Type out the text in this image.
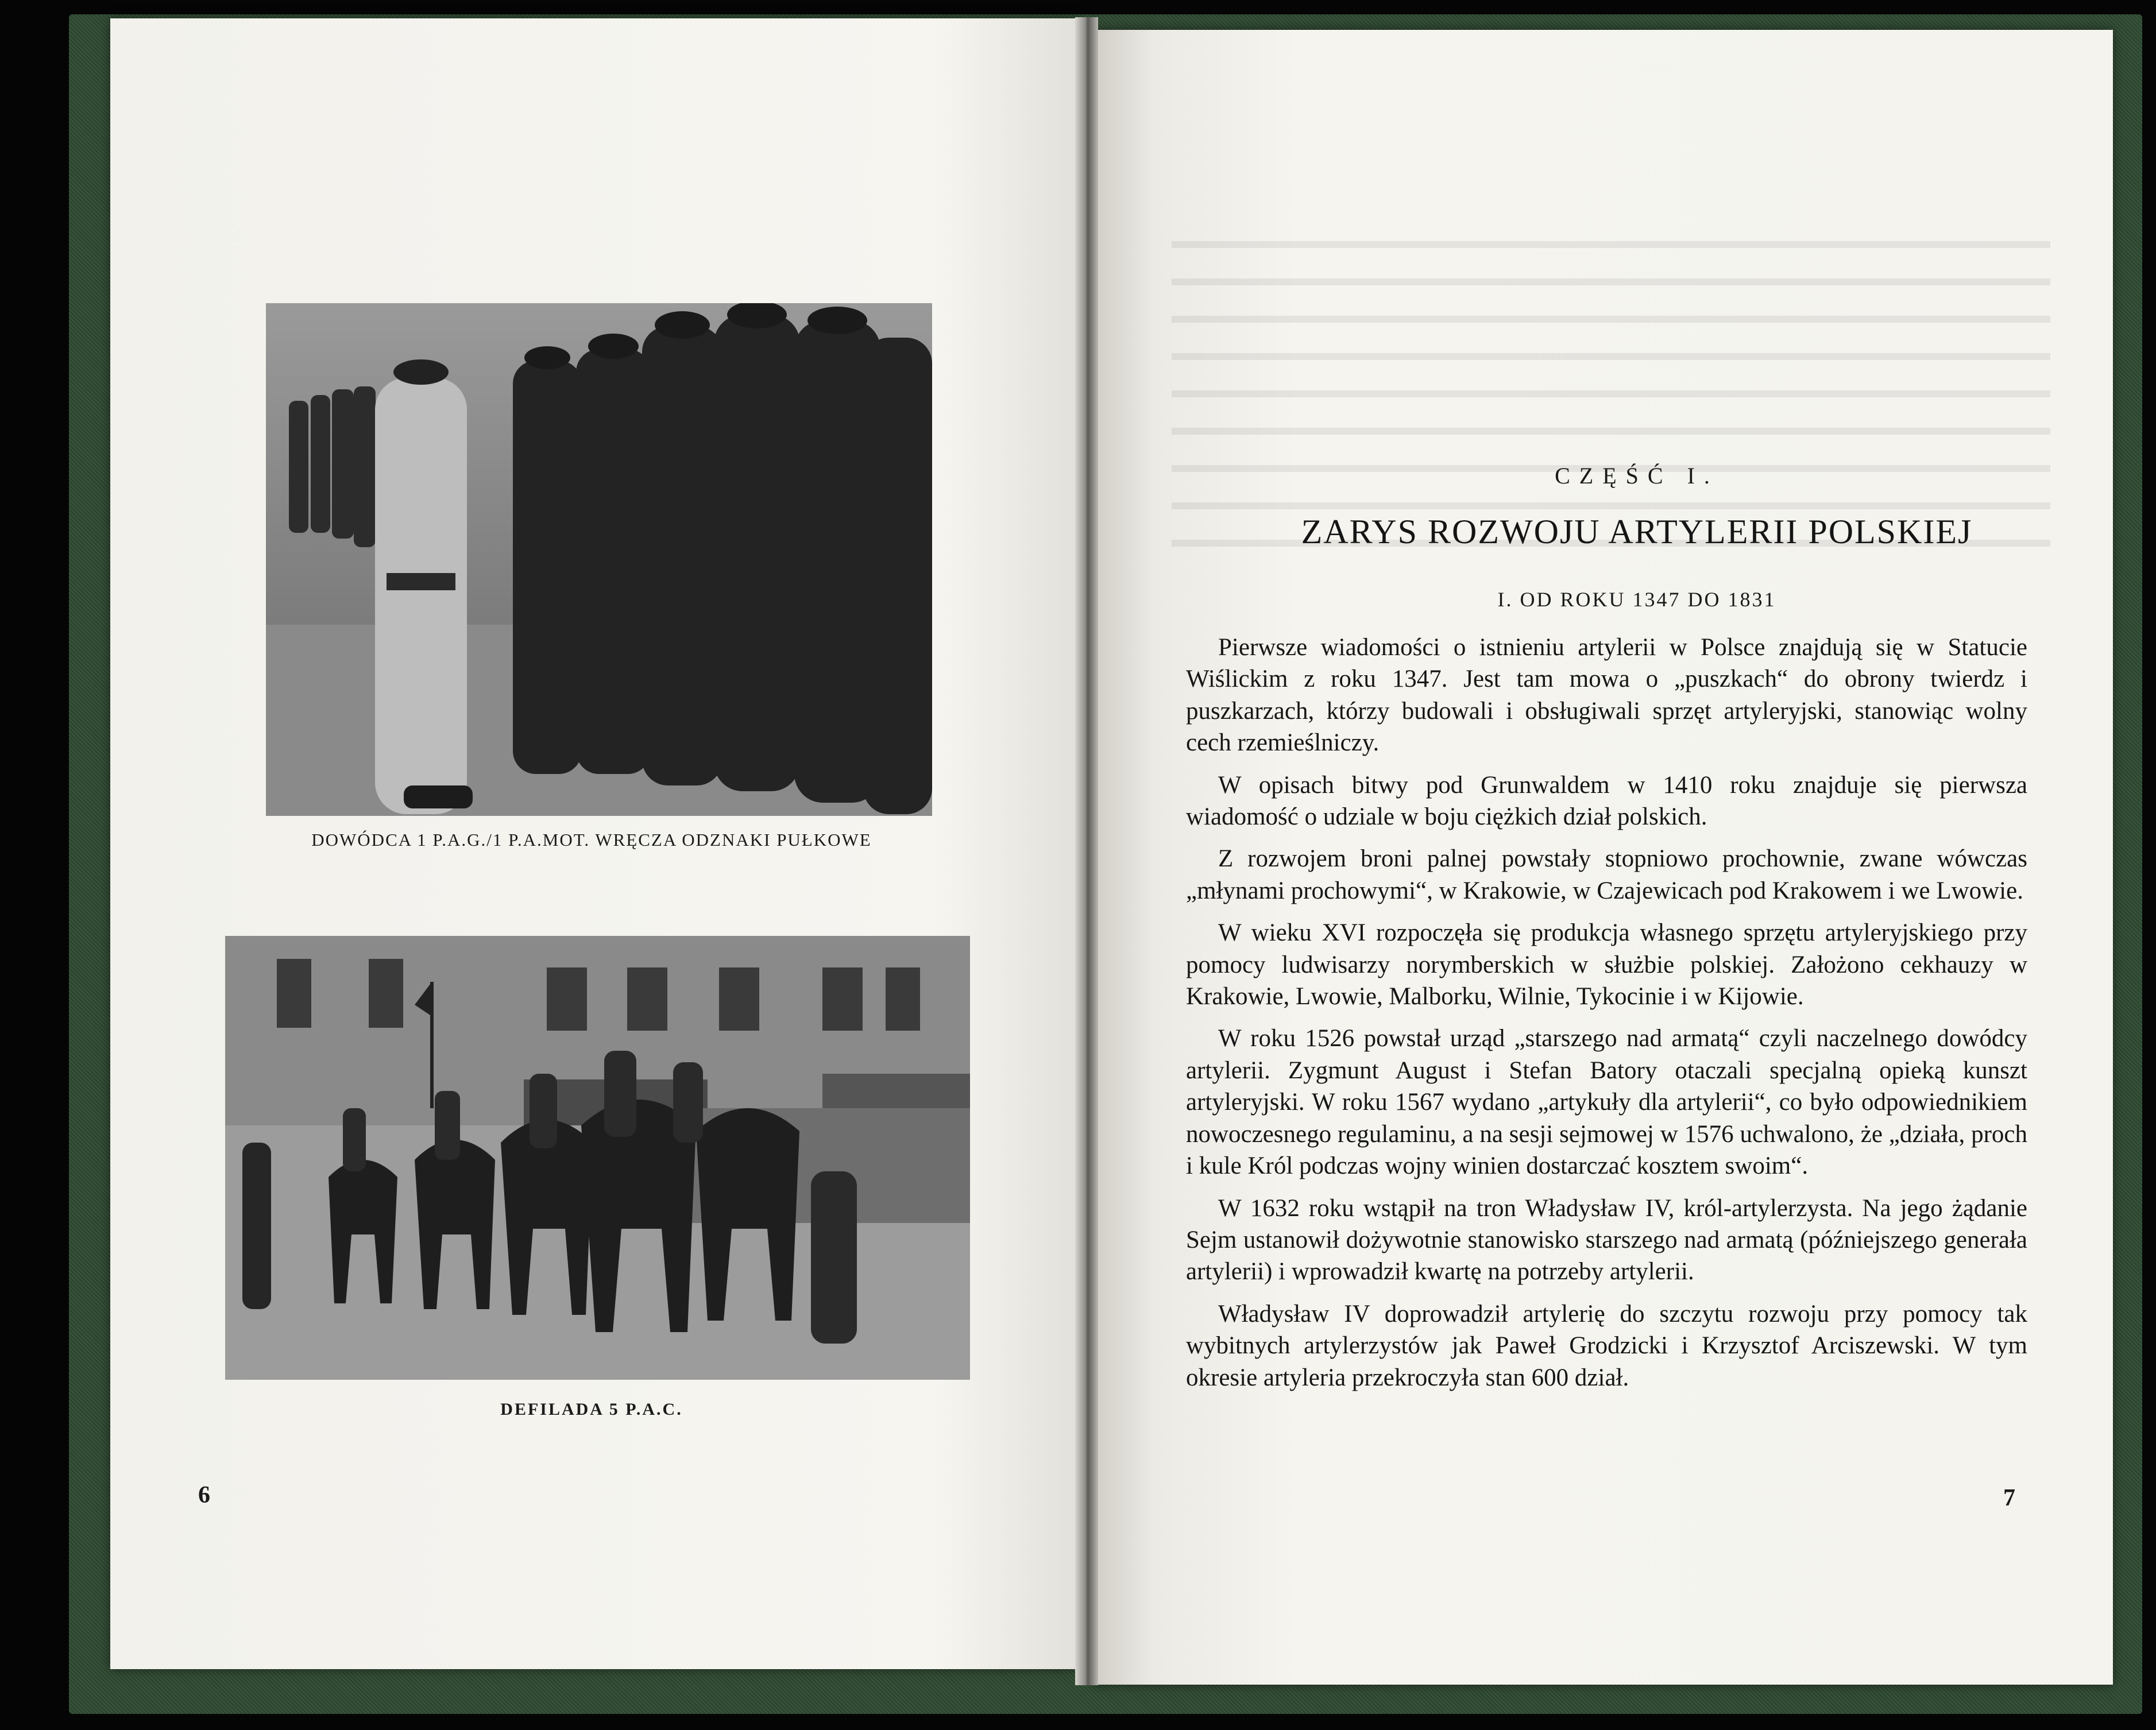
DOWÓDCA 1 P.A.G./1 P.A.MOT. WRĘCZA ODZNAKI PUŁKOWE
DEFILADA 5 P.A.C.
6
CZĘŚĆ I.
ZARYS ROZWOJU ARTYLERII POLSKIEJ
I. OD ROKU 1347 DO 1831

Pierwsze wiadomości o istnieniu artylerii w Polsce znajdują się w Statucie Wiślickim z roku 1347. Jest tam mowa o „puszkach“ do obrony twierdz i puszkarzach, którzy budowali i obsługiwali sprzęt artyleryjski, stanowiąc wolny cech rzemieślniczy.

W opisach bitwy pod Grunwaldem w 1410 roku znajduje się pierwsza wiadomość o udziale w boju ciężkich dział polskich.

Z rozwojem broni palnej powstały stopniowo prochownie, zwane wówczas „młynami prochowymi“, w Krakowie, w Czajewicach pod Krakowem i we Lwowie.

W wieku XVI rozpoczęła się produkcja własnego sprzętu artyleryjskiego przy pomocy ludwisarzy norymberskich w służbie polskiej. Założono cekhauzy w Krakowie, Lwowie, Malborku, Wilnie, Tykocinie i w Kijowie.

W roku 1526 powstał urząd „starszego nad armatą“ czyli naczelnego dowódcy artylerii. Zygmunt August i Stefan Batory otaczali specjalną opieką kunszt artyleryjski. W roku 1567 wydano „artykuły dla artylerii“, co było odpowiednikiem nowoczesnego regulaminu, a na sesji sejmowej w 1576 uchwalono, że „działa, proch i kule Król podczas wojny winien dostarczać kosztem swoim“.

W 1632 roku wstąpił na tron Władysław IV, król-artylerzysta. Na jego żądanie Sejm ustanowił dożywotnie stanowisko starszego nad armatą (późniejszego generała artylerii) i wprowadził kwartę na potrzeby artylerii.

Władysław IV doprowadził artylerię do szczytu rozwoju przy pomocy tak wybitnych artylerzystów jak Paweł Grodzicki i Krzysztof Arciszewski. W tym okresie artyleria przekroczyła stan 600 dział.

7
